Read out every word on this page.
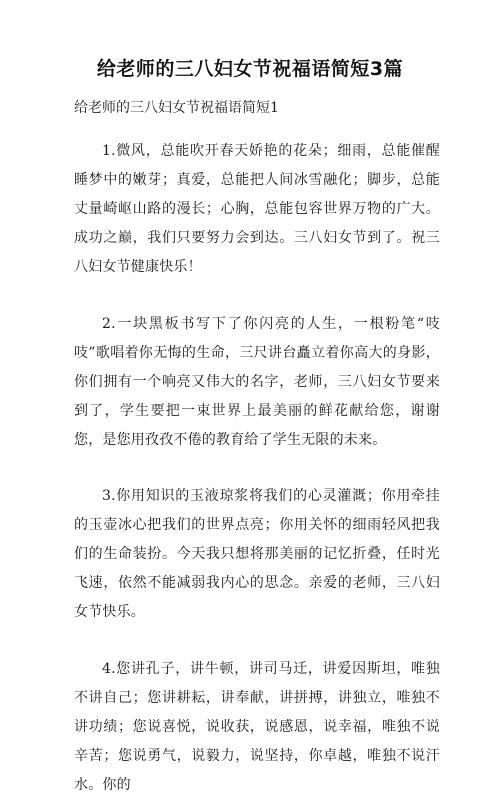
给老师的三八妇女节祝福语简短3篇

给老师的三八妇女节祝福语简短1

1.微风，总能吹开春天娇艳的花朵；细雨，总能催醒睡梦中的嫩芽；真爱，总能把人间冰雪融化；脚步，总能丈量崎岖山路的漫长；心胸，总能包容世界万物的广大。成功之巅，我们只要努力会到达。三八妇女节到了。祝三八妇女节健康快乐！

2.一块黑板书写下了你闪亮的人生，一根粉笔“吱吱”歌唱着你无悔的生命，三尺讲台矗立着你高大的身影，你们拥有一个响亮又伟大的名字，老师，三八妇女节要来到了，学生要把一束世界上最美丽的鲜花献给您，谢谢您，是您用孜孜不倦的教育给了学生无限的未来。

3.你用知识的玉液琼浆将我们的心灵灌溉；你用牵挂的玉壶冰心把我们的世界点亮；你用关怀的细雨轻风把我们的生命装扮。今天我只想将那美丽的记忆折叠，任时光飞速，依然不能减弱我内心的思念。亲爱的老师，三八妇女节快乐。

4.您讲孔子，讲牛顿，讲司马迁，讲爱因斯坦，唯独不讲自己；您讲耕耘，讲奉献，讲拼搏，讲独立，唯独不讲功绩；您说喜悦，说收获，说感恩，说幸福，唯独不说辛苦；您说勇气，说毅力，说坚持，你卓越，唯独不说汗水。你的
